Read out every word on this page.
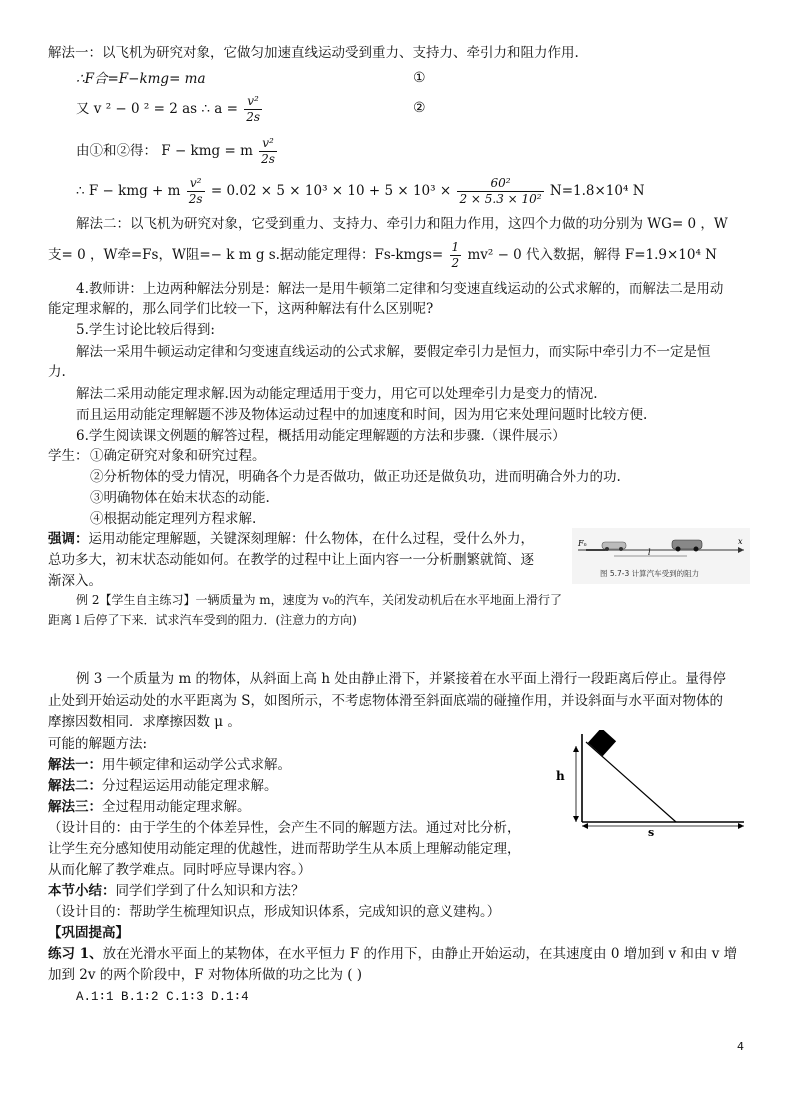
解法一：以飞机为研究对象，它做匀加速直线运动受到重力、支持力、牵引力和阻力作用.
∴F合=F−kmg= ma	①
又 v ² − 0 ² = 2 as ∴ $a = \frac{\text{v²}}{2s}$	②
由①和②得： F − kmg = m $\frac{\text{v²}}{2s}$
∴ F − kmg + m $\frac{\text{v²}}{2s} = 0.02 \times 5 \times 10^3 \times 10 + 5 \times 10^3 \times \frac{\text{60²}}{\text{2 × 5.3 × 10²}} N=1.8\times 10^4$ N
解法二：以飞机为研究对象，它受到重力、支持力、牵引力和阻力作用，这四个力做的功分别为 WG= 0 ，W
支= 0 ，W牵=Fs，W阻=− k m g s.据动能定理得：Fs-kmgs= $\frac{1}{2} mv^2 - 0$ 代入数据，解得 F=1.9×10⁴ N
4.教师讲：上边两种解法分别是：解法一是用牛顿第二定律和匀变速直线运动的公式求解的，而解法二是用动
能定理求解的，那么同学们比较一下，这两种解法有什么区别呢?
5.学生讨论比较后得到:
解法一采用牛顿运动定律和匀变速直线运动的公式求解，要假定牵引力是恒力，而实际中牵引力不一定是恒
力.
解法二采用动能定理求解.因为动能定理适用于变力，用它可以处理牵引力是变力的情况.
而且运用动能定理解题不涉及物体运动过程中的加速度和时间，因为用它来处理问题时比较方便.
6.学生阅读课文例题的解答过程，概括用动能定理解题的方法和步骤.（课件展示）
学生： ①确定研究对象和研究过程。
②分析物体的受力情况，明确各个力是否做功，做正功还是做负功，进而明确合外力的功.
③明确物体在始末状态的动能.
④根据动能定理列方程求解.
强调：运用动能定理解题，关键深刻理解：什么物体，在什么过程，受什么外力，
总功多大，初末状态动能如何。在教学的过程中让上面内容一一分析删繁就简、逐
渐深入。
Fₙ
l
x
图 5.7-3 计算汽车受到的阻力
例 2【学生自主练习】一辆质量为 m，速度为 v₀的汽车，关闭发动机后在水平地面上滑行了
距离 l 后停了下来．试求汽车受到的阻力．(注意力的方向)
例 3 一个质量为 m 的物体，从斜面上高 h 处由静止滑下，并紧接着在水平面上滑行一段距离后停止。量得停
止处到开始运动处的水平距离为 S，如图所示，不考虑物体滑至斜面底端的碰撞作用，并设斜面与水平面对物体的
摩擦因数相同．求摩擦因数 μ 。
可能的解题方法:
解法一：用牛顿定律和运动学公式求解。
解法二：分过程运运用动能定理求解。
解法三：全过程用动能定理求解。
（设计目的：由于学生的个体差异性，会产生不同的解题方法。通过对比分析，
让学生充分感知使用动能定理的优越性，进而帮助学生从本质上理解动能定理，
从而化解了教学难点。同时呼应导课内容。）
h
s
本节小结：同学们学到了什么知识和方法？
（设计目的：帮助学生梳理知识点，形成知识体系，完成知识的意义建构。）
【巩固提高】
练习 1、放在光滑水平面上的某物体，在水平恒力 F 的作用下，由静止开始运动，在其速度由 0 增加到 v 和由 v 增
加到 2v 的两个阶段中，F 对物体所做的功之比为 ( )
A.1∶1 B.1∶2 C.1∶3 D.1∶4
4
